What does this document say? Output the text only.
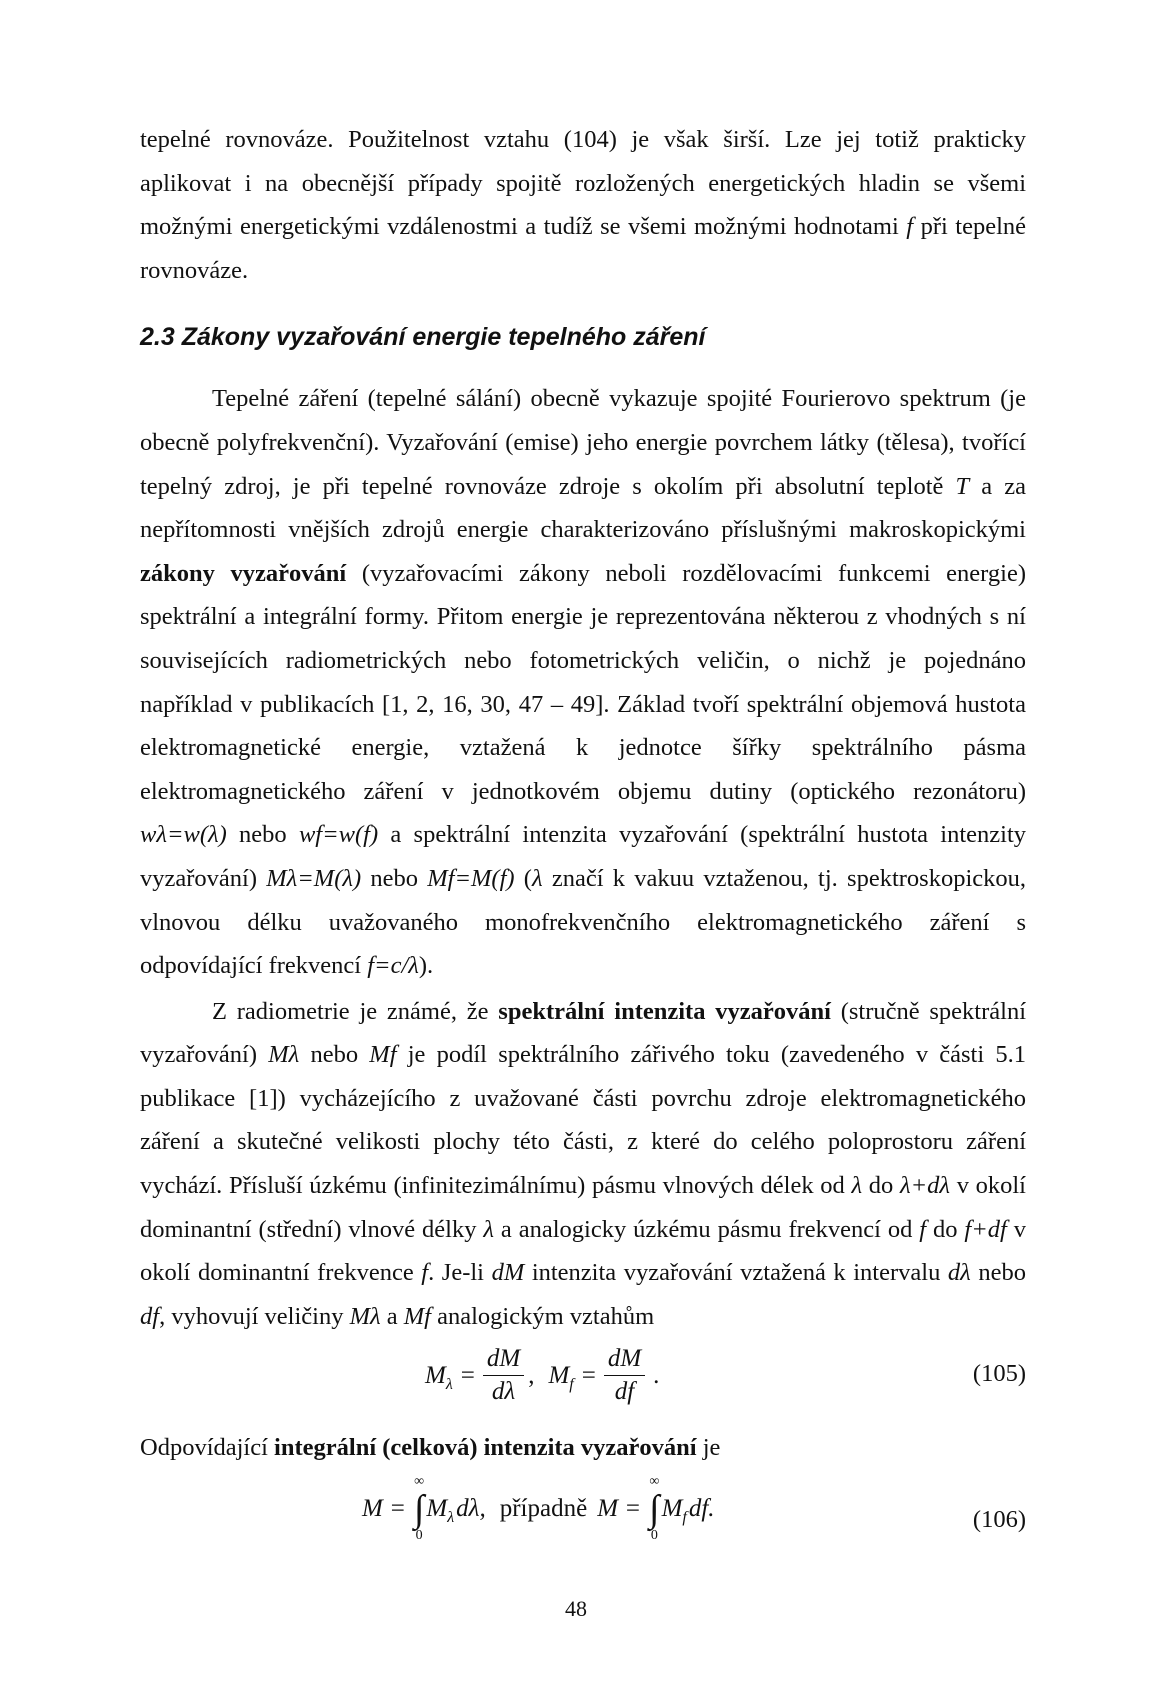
tepelné rovnováze. Použitelnost vztahu (104) je však širší. Lze jej totiž prakticky aplikovat i na obecnější případy spojitě rozložených energetických hladin se všemi možnými energetickými vzdálenostmi a tudíž se všemi možnými hodnotami f při tepelné rovnováze.

2.3 Zákony vyzařování energie tepelného záření

Tepelné záření (tepelné sálání) obecně vykazuje spojité Fourierovo spektrum (je obecně polyfrekvenční). Vyzařování (emise) jeho energie povrchem látky (tělesa), tvořící tepelný zdroj, je při tepelné rovnováze zdroje s okolím při absolutní teplotě T a za nepřítomnosti vnějších zdrojů energie charakterizováno příslušnými makroskopickými zákony vyzařování (vyzařovacími zákony neboli rozdělovacími funkcemi energie) spektrální a integrální formy. Přitom energie je reprezentována některou z vhodných s ní souvisejících radiometrických nebo fotometrických veličin, o nichž je pojednáno například v publikacích [1, 2, 16, 30, 47 – 49]. Základ tvoří spektrální objemová hustota elektromagnetické energie, vztažená k jednotce šířky spektrálního pásma elektromagnetického záření v jednotkovém objemu dutiny (optického rezonátoru) wλ=w(λ) nebo wf=w(f) a spektrální intenzita vyzařování (spektrální hustota intenzity vyzařování) Mλ=M(λ) nebo Mf=M(f) (λ značí k vakuu vztaženou, tj. spektroskopickou, vlnovou délku uvažovaného monofrekvenčního elektromagnetického záření s odpovídající frekvencí f=c/λ).

Z radiometrie je známé, že spektrální intenzita vyzařování (stručně spektrální vyzařování) Mλ nebo Mf je podíl spektrálního zářivého toku (zavedeného v části 5.1 publikace [1]) vycházejícího z uvažované části povrchu zdroje elektromagnetického záření a skutečné velikosti plochy této části, z které do celého poloprostoru záření vychází. Přísluší úzkému (infinitezimálnímu) pásmu vlnových délek od λ do λ+dλ v okolí dominantní (střední) vlnové délky λ a analogicky úzkému pásmu frekvencí od f do f+df v okolí dominantní frekvence f. Je-li dM intenzita vyzařování vztažená k intervalu dλ nebo df, vyhovují veličiny Mλ a Mf analogickým vztahům

M $\lambda = \frac{dM}{d\lambda}$ , M $f = \frac{dM}{df}$ .	(105)

Odpovídající integrální (celková) intenzita vyzařování je

M =
∞
∫
0
M λ dλ, případně M =
∞
∫
0
M f df.	(106)
48
